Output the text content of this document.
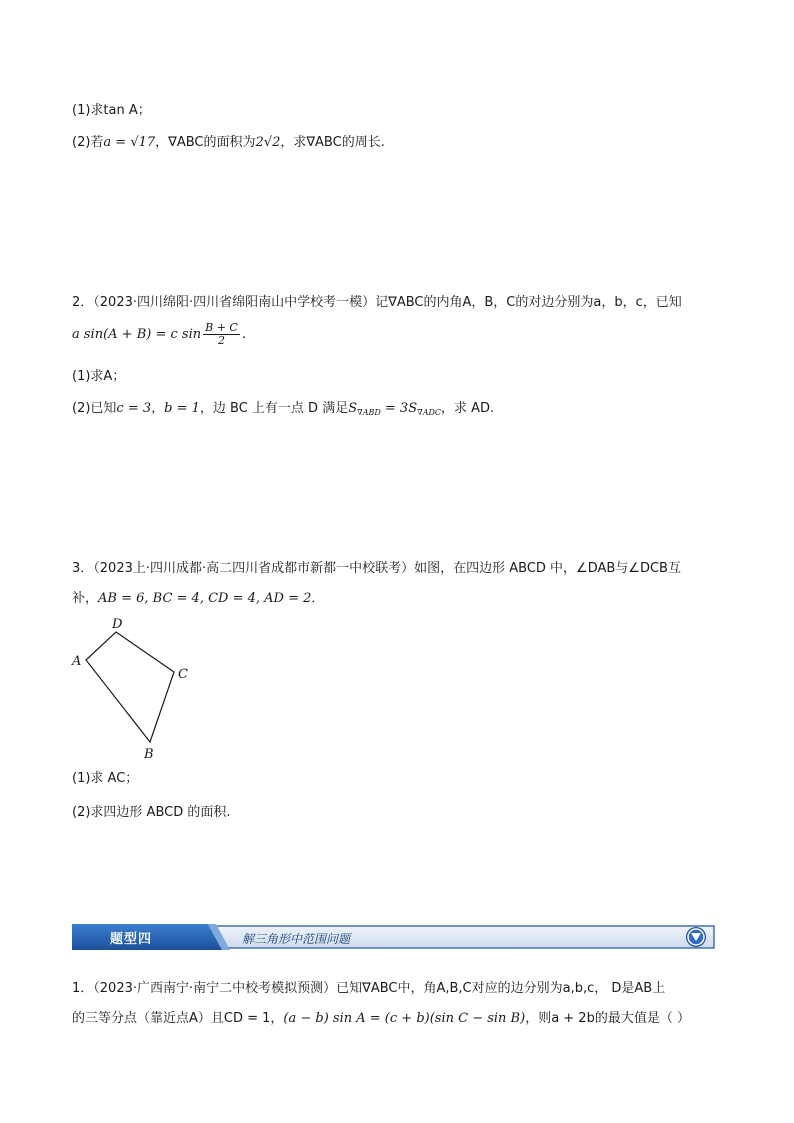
(1)求tan A；
(2)若a = √17，∇ABC的面积为2√2，求∇ABC的周长.
2．（2023·四川绵阳·四川省绵阳南山中学校考一模）记∇ABC的内角A，B，C的对边分别为a，b，c，已知
a sin(A + B) = c $\sin \frac{B + C}{2}$ .
(1)求A；
(2)已知c = 3，b = 1，边 BC 上有一点 D 满足$S_{\nabla ABD} = 3S_{\nabla ADC}$，求 AD.
3．（2023上·四川成都·高二四川省成都市新都一中校联考）如图，在四边形 ABCD 中，∠DAB与∠DCB互
补，AB = 6, BC = 4, CD = 4, AD = 2．
A
D
C
B
(1)求 AC；
(2)求四边形 ABCD 的面积.
题型四	解三角形中范围问题
1．（2023·广西南宁·南宁二中校考模拟预测）已知∇ABC中，角A,B,C对应的边分别为a,b,c， D是AB上
的三等分点（靠近点A）且CD = 1，(a − b) sin A = (c + b)(sin C − sin B)，则a + 2b的最大值是（ ）
